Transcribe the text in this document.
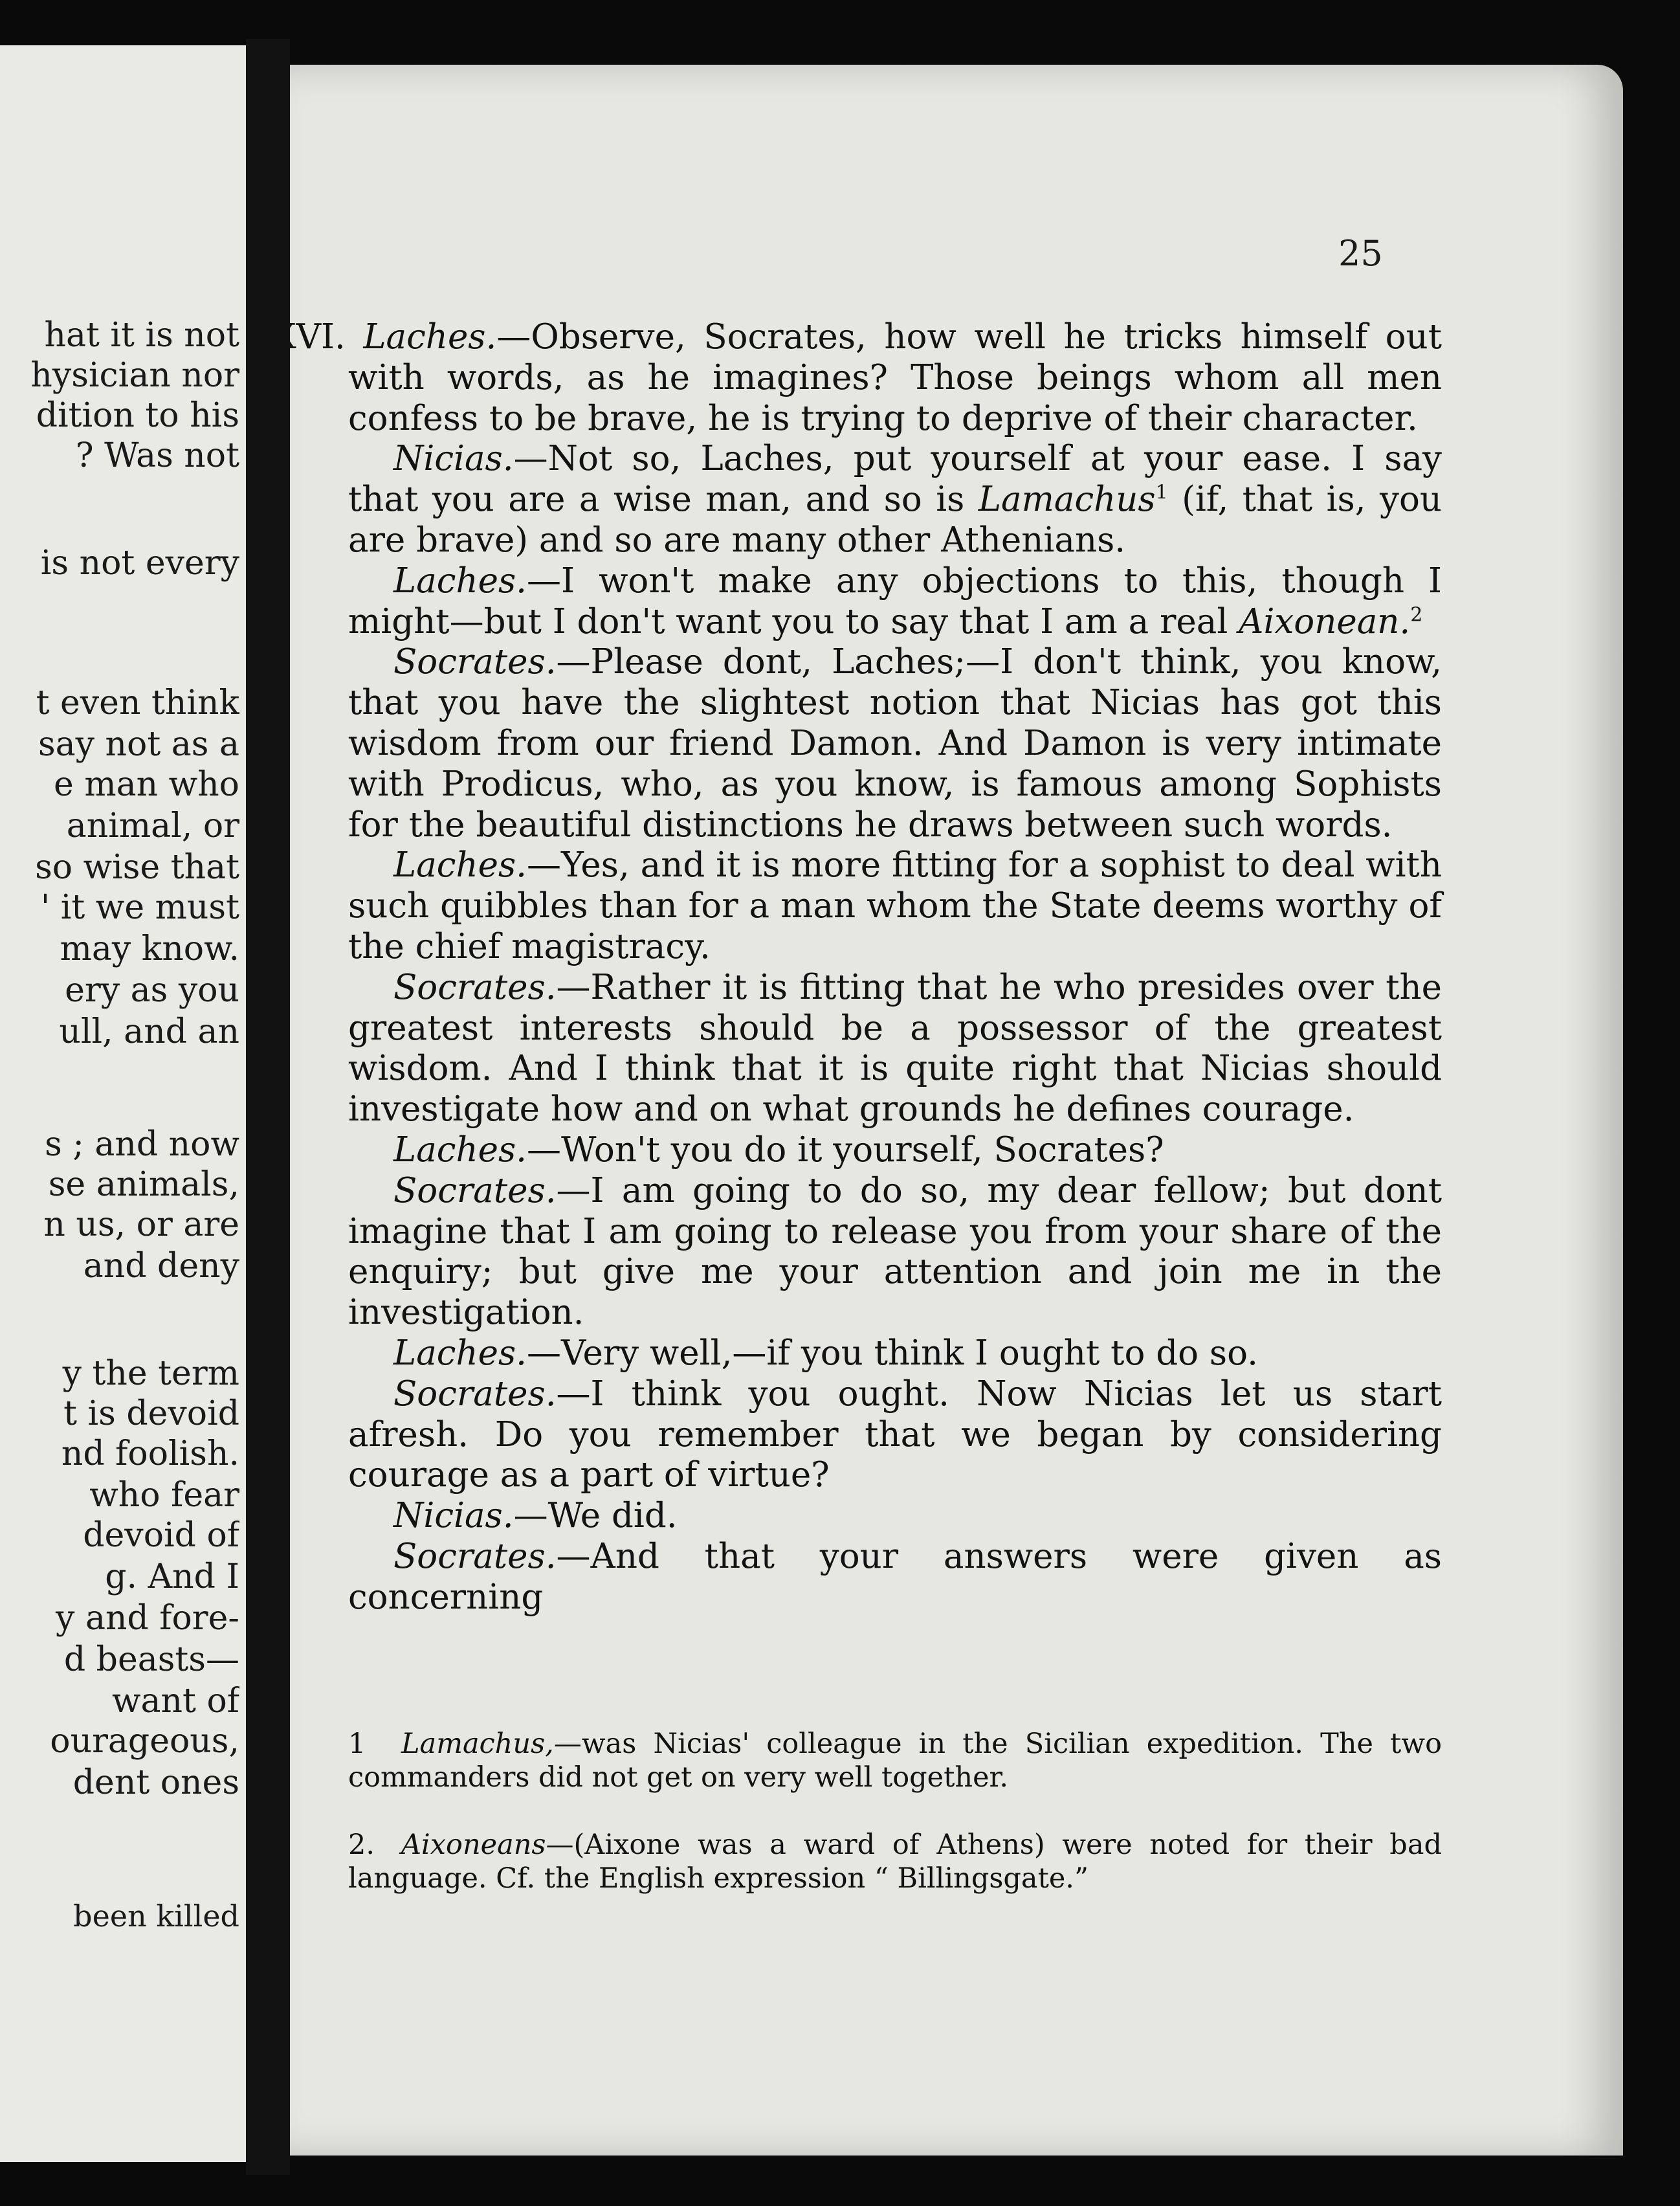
hat it is not
hysician nor
dition to his
? Was not
is not every
t even think
say not as a
e man who
animal, or
so wise that
' it we must
may know.
ery as you
ull, and an
s ; and now
se animals,
n us, or are
and deny
y the term
t is devoid
nd foolish.
who fear
devoid of
g. And I
y and fore-
d beasts—
want of
ourageous,
dent ones
been killed
25

XVI. Laches.—Observe, Socrates, how well he tricks himself out with words, as he imagines? Those beings whom all men confess to be brave, he is trying to deprive of their character.

Nicias.—Not so, Laches, put yourself at your ease. I say that you are a wise man, and so is Lamachus$^1$ (if, that is, you are brave) and so are many other Athenians.

Laches.—I won't make any objections to this, though I might—but I don't want you to say that I am a real Aixonean.$^2$

Socrates.—Please dont, Laches;—I don't think, you know, that you have the slightest notion that Nicias has got this wisdom from our friend Damon. And Damon is very intimate with Prodicus, who, as you know, is famous among Sophists for the beautiful distinctions he draws between such words.

Laches.—Yes, and it is more fitting for a sophist to deal with such quibbles than for a man whom the State deems worthy of the chief magistracy.

Socrates.—Rather it is fitting that he who presides over the greatest interests should be a possessor of the greatest wisdom. And I think that it is quite right that Nicias should investigate how and on what grounds he defines courage.

Laches.—Won't you do it yourself, Socrates?

Socrates.—I am going to do so, my dear fellow; but dont imagine that I am going to release you from your share of the enquiry; but give me your attention and join me in the investigation.

Laches.—Very well,—if you think I ought to do so.

Socrates.—I think you ought. Now Nicias let us start afresh. Do you remember that we began by considering courage as a part of virtue?

Nicias.—We did.

Socrates.—And that your answers were given as concerning

1 Lamachus,—was Nicias' colleague in the Sicilian expedition. The two commanders did not get on very well together.

2. Aixoneans—(Aixone was a ward of Athens) were noted for their bad language. Cf. the English expression “ Billingsgate.”
